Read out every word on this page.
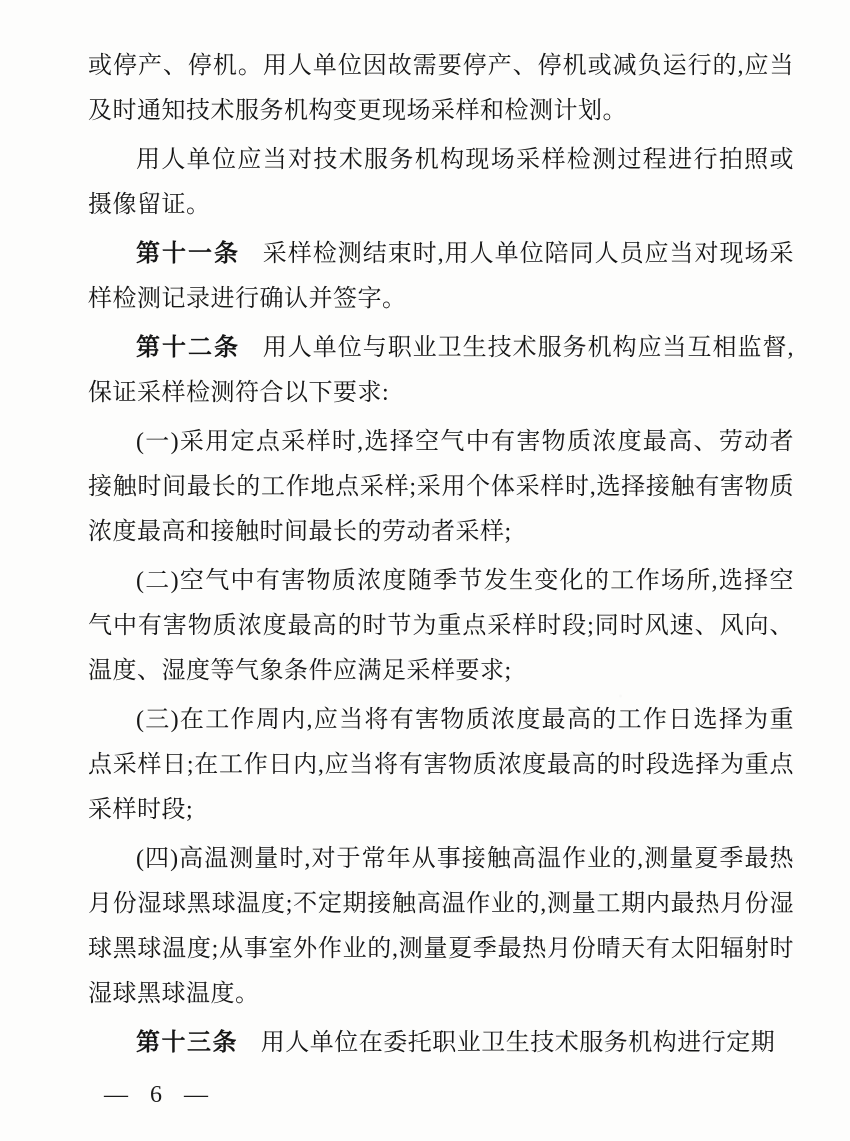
或停产、停机。用人单位因故需要停产、停机或减负运行的,应当及时通知技术服务机构变更现场采样和检测计划。

用人单位应当对技术服务机构现场采样检测过程进行拍照或摄像留证。

第十一条 采样检测结束时,用人单位陪同人员应当对现场采样检测记录进行确认并签字。

第十二条 用人单位与职业卫生技术服务机构应当互相监督,保证采样检测符合以下要求:

(一)采用定点采样时,选择空气中有害物质浓度最高、劳动者接触时间最长的工作地点采样;采用个体采样时,选择接触有害物质浓度最高和接触时间最长的劳动者采样;

(二)空气中有害物质浓度随季节发生变化的工作场所,选择空气中有害物质浓度最高的时节为重点采样时段;同时风速、风向、温度、湿度等气象条件应满足采样要求;

(三)在工作周内,应当将有害物质浓度最高的工作日选择为重点采样日;在工作日内,应当将有害物质浓度最高的时段选择为重点采样时段;

(四)高温测量时,对于常年从事接触高温作业的,测量夏季最热月份湿球黑球温度;不定期接触高温作业的,测量工期内最热月份湿球黑球温度;从事室外作业的,测量夏季最热月份晴天有太阳辐射时湿球黑球温度。

第十三条 用人单位在委托职业卫生技术服务机构进行定期

— 6 —
